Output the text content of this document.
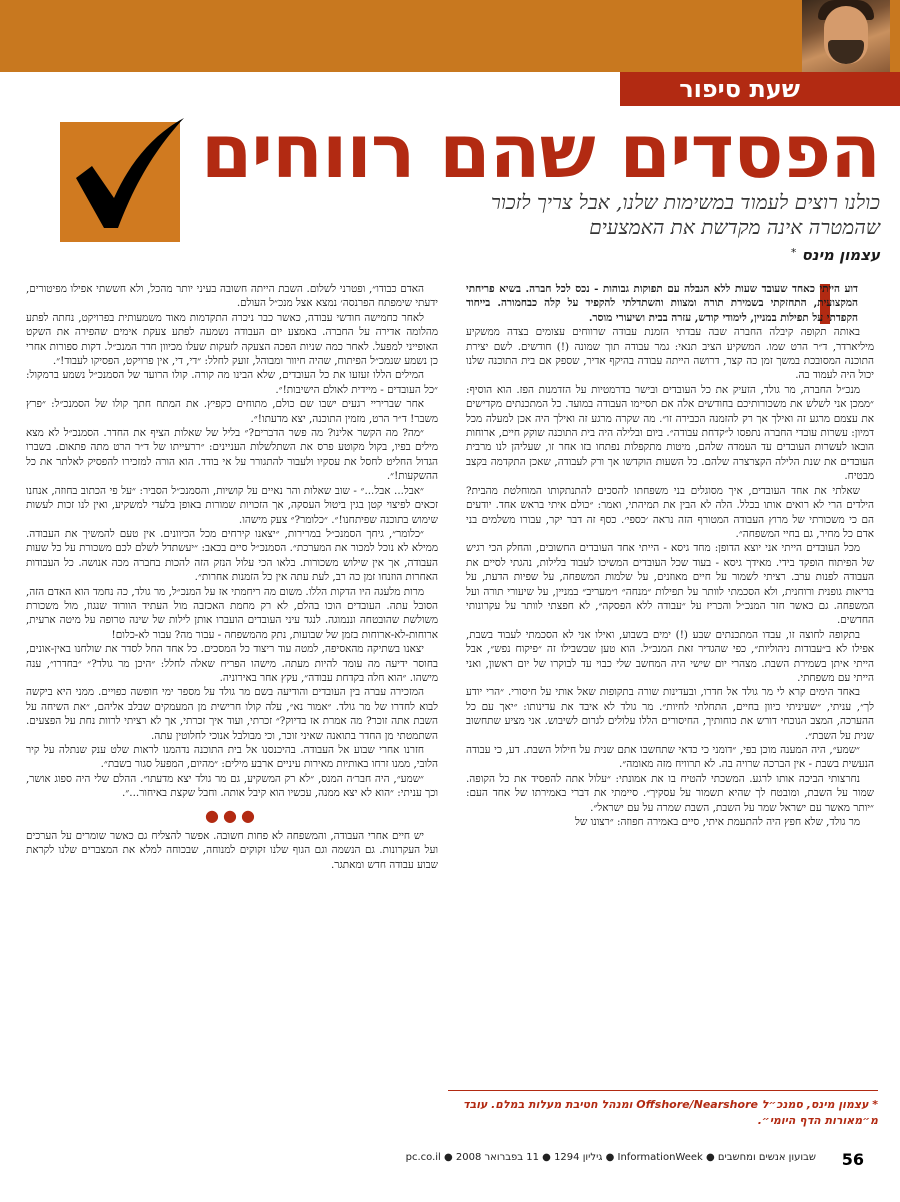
שעת סיפור
הפסדים שהם רווחים
כולנו רוצים לעמוד במשימות שלנו, אבל צריך לזכור
שהמטרה אינה מקדשת את האמצעים
עצמון מינס *

דוע הייתי כאחד שעובד שעות ללא הגבלה עם תפוקות גבוהות - נכס לכל חברה. בשיא פריחתי המקצועית, התחזקתי בשמירת תורה ומצוות והשתדלתי להקפיד על קלה כבחמורה. בייחוד הקפדתי על תפילות במניין, לימודי קודש, עזרה בבית ושיעורי מוסר.

באותה תקופה קיבלה החברה שבה עבדתי הזמנת עבודה שרווחים עצומים בצדה ממשקיע מיליארדר, ד״ר הרט שמו. המשקיע הציב תנאי: גמר עבודה תוך שמונה (!) חודשים. לשם יצירת התוכנה המסובכת במשך זמן כה קצר, דרושה הייתה עבודה בהיקף אדיר, שספק אם בית התוכנה שלנו יכול היה לעמוד בה.

מנכ״ל החברה, מר גולד, הזעיק את כל העובדים ובישר בדרמטיות על הזדמנות הפז. הוא הוסיף: ״ממכן אני לשלש את משכורותיכם בחודשים אלה אם תסיימו העבודה במועד. כל המתכנתים מקדישים את עצמם מרגע זה ואילך אך רק להזמנה הכבירה זו״. מה שקרה מרגע זה ואילך היה אכן למעלה מכל דמיון: עשרות עובדי החברה נתפסו ל״קדחת עבודה״. ביום ובלילה היה בית התוכנה שוקק חיים, ארוחות הובאו לעשרות העובדים עד העמדה שלהם, מיטות מתקפלות נפתחו בזו אחר זו, שעליהן לנו מרבית העובדים את שנת הלילה הקצרצרה שלהם. כל השעות הוקדשו אך ורק לעבודה, שאכן התקדמה בקצב מבטיח.

שאלתי את אחד העובדים, איך מסוגלים בני משפחתו להסכים להתנתקותו המוחלטת מהבית? הילדים הרי לא רואים אותו בכלל. הלה לא הבין את תמיהתי, ואמר: ״כולם איתי בראש אחד. יודעים הם כי משכורתי של מרוץ העבודה המטורף הזה נראה ׳כספי׳. כסף זה דבר יקר, עבורו משלמים בני אדם כל מחיר, גם בחיי המשפחה״.

מכל העובדים הייתי אני יוצא הדופן: מחד גיסא - הייתי אחד העובדים החשובים, והחלק הכי רגיש של הפיתוח הופקד בידי. מאידך גיסא - בעוד שכל העובדים המשיכו לעבוד בלילות, נהגתי לסיים את העבודה לפנות ערב. רציתי לשמור על חיים מאוזנים, על שלמות המשפחה, על שפיות הדעת, על בריאות גופנית ורוחנית, ולא הסכמתי לוותר על תפילות ״מנחה״ ו״מעריב״ במניין, על שיעורי תורה ועל המשפחה. גם כאשר חזר המנכ״ל והכריז על ״עבודה ללא הפסקה״, לא חפצתי לוותר על עקרונותי החדשים.

בתקופה לחוצה זו, עבדו המתכנתים שבע (!) ימים בשבוע, ואילו אני לא הסכמתי לעבוד בשבת, אפילו לא ב״עבודות ניהוליות״, כפי שהגדיר זאת המנכ״ל. הוא טען שבשבילו זה ״פיקוח נפש״, אבל הייתי איתן בשמירת השבת. מצהרי יום שישי היה המחשב שלי כבוי עד לבוקרו של יום ראשון, ואני הייתי עם משפחתי.

באחד הימים קרא לי מר גולד אל חדרו, ובעדינות שורה בתקופות שאל אותי על חיסורי. ״הרי יודע לך״, עניתי, ״שעיניתי כיוון בחיים, התחלתי לחיות״. מר גולד לא איבד את עדינותו: ״יאך עם כל ההערכה, המצב הנוכחי דורש את כוחותיך, החיסורים הללו עלולים לגרום לשיבוש. אני מציע שתחשוב שנית על השבת״.

״שמע״, היה המענה מוכן בפי, ״דומני כי כדאי שתחשבו אתם שנית על חילול השבת. דע, כי עבודה הנעשית בשבת - אין הברכה שרויה בה. לא תרוויח מזה מאומה״.

נחרצותי הביכה אותו לרגע. המשכתי להטיח בו את אמונתי: ״עלול אתה להפסיד את כל הקופה. שמור על השבת, ומובטח לך שהיא תשמור על עסקיך״. סיימתי את דברי באמירתו של אחד העם: ״יותר מאשר עם ישראל שמר על השבת, השבת שמרה על עם ישראל״.

מר גולד, שלא חפץ היה להתעמת איתי, סיים באמירה חפוזה: ״רצונו של

האדם כבודו״, ופטרני לשלום. השבת הייתה חשובה בעיני יותר מהכל, ולא חששתי אפילו מפיטורים, ידעתי שימפתח הפרנסה׳ נמצא אצל מנכ״ל העולם.

לאחר כחמישה חודשי עבודה, כאשר כבר ניכרה התקדמות מאוד משמעותית בפרויקט, נחתה לפתע מהלומה אדירה על החברה. באמצע יום העבודה נשמעה לפתע צעקת אימים שהפירה את השקט האופייני למפעל. לאחר כמה שניות הפכה הצעקה לזעקות שעלו מכיוון חדר המנכ״ל. דקות ספורות אחרי כן נשמע שנמכ״ל הפיתוח, שהיה חיוור ומבוהל, זועק לחלל: ״די, די, אין פרויקט, הפסיקו לעבוד!״.

המילים הללו זעזעו את כל העובדים, שלא הבינו מה קורה. קולו הרועד של הסמנכ״ל נשמע ברמקול: ״כל העובדים - מיידית לאולם הישיבות!״.

אחר שבריריי רגעים ישבו שם כולם, מתוחים כקפיץ. את המתח חתך קולו של הסמנכ״ל: ״פרץ משבר! ד״ר הרט, מזמין התוכנה, יצא מדעתו!״.

״מה? מה הקשר אלינו? מה פשר הדברים?״ בליל של שאלות הציף את החדר. הסמנכ״ל לא מצא מילים בפיו, בקול מקוטע פרס את השתלשלות העניינים: ״ררעייתו של ד״ר הרט מתה פתאום. בשברו הגדול החליט לחסל את עסקיו ולעבור להתגורר על אי בודד. הוא הורה למזכירו להפסיק לאלתר את כל ההשקעות!״.

״אבל... אבל...״ - שוב שאלות והר נאיים על קושיות, והסמנכ״ל הסביר: ״על פי הכתוב בחוזה, אנחנו זכאים לפיצוי קטן בגין ביטול העסקה, אך הזכויות שמורות באופן בלעדי למשקיע, ואין לנו זכות לעשות שימוש בתוכנה שפיתחנו!״. ״כלומר?״ צעק מישהו.

״כלומר״, גיחך הסמנכ״ל במרירות, ״יצאנו קירחים מכל הכיוונים. אין טעם להמשיך את העבודה. ממילא לא נוכל למכור את המערכת״. הסמנכ״ל סיים בכאב: ״יעשתדל לשלם לכם משכורת על כל שעות העבודה, אך אין שילוש משכורות. בלאו הכי עלול הנזק הזה להכות בחברה מכה אנושה. כל העבודות האחרות הוזנחו זמן כה רב, לעת עתה אין כל הזמנות אחרות״.

מרות מלעגה היו הדקות הללו. משום מה ריחמתי אז על המנכ״ל, מר גולד, כה נחמד הוא האדם הזה, הסובל עתה. העובדים הוכו בהלם, לא רק מחמת האכזבה מול העתיד הוורוד שנגוז, מול משכורת משולשת שהובטחה וננמוגה. לנגד עיני העובדים הועברו אותן לילות של שינה טרופה על מיטה ארעית, ארוחות-לא-ארוחות בזמן של שבועות, נתק מהמשפחה - עבור מה? עבור לא-כלום!

יצאנו בשתיקה מהאסיפה, למטה עוד ריצוד כל המסכים. כל אחד החל לסדר את שולחנו באין-אונים, בחוסר ידיעה מה עומד להיות מעתה. מישהו הפריח שאלה לחלל: ״היכן מר גולד?״ ״בחדרו״, ענה מישהו. ״הוא חלה בקדחת עבודה״, עקץ אחר באירוניה.

המזכירה עברה בין העובדים והודיעה בשם מר גולד על מספר ימי חופשה כפויים. ממני היא ביקשה לבוא לחדרו של מר גולד. ״אמור נא״, עלה קולו חרישית מן המעמקים שבלב אליהם, ״את השיחה על השבת אתה זוכר? מה אמרת אז בדיוק?״ זכרתי, ועוד איך זכרתי, אך לא רציתי לרוות נחת על הפצעים. השתמטתי מן החדר בתואנה שאיני זוכר, וכי מבולבל אנוכי לחלוטין עתה.

חזרנו אחרי שבוע אל העבודה. בהיכנסנו אל בית התוכנה נדהמנו לראות שלט ענק שנתלה על קיר הלובי, ממנו זרחו באותיות מאירות עיניים ארבע מילים: ״מהיום, המפעל סגור בשבת״.

״שמע״, היה חבר׳ה המנס, ״לא רק המשקיע, גם מר גולד יצא מדעתו״. ההלם שלי היה ספוג אושר, וכך עניתי: ״הוא לא יצא ממנה, עכשיו הוא קיבל אותה. וחבל שקצת באיחור...״.

●●●

יש חיים אחרי העבודה, והמשפחה לא פחות חשובה. אפשר להצליח גם כאשר שומרים על הערכים ועל העקרונות. גם הנשמה וגם הגוף שלנו זקוקים למנוחה, שבכוחה למלא את המצברים שלנו לקראת שבוע עבודה חדש ומאתגר.

* עצמון מינס, סמנכ״ל Offshore/Nearshore ומנהל חטיבת מעלות במלם. עובד מ״מאורות הדף היומי״.
56
שבועון אנשים ומחשבים ● InformationWeek ● גיליון 1294 ● 11 בפברואר 2008 ● pc.co.il
